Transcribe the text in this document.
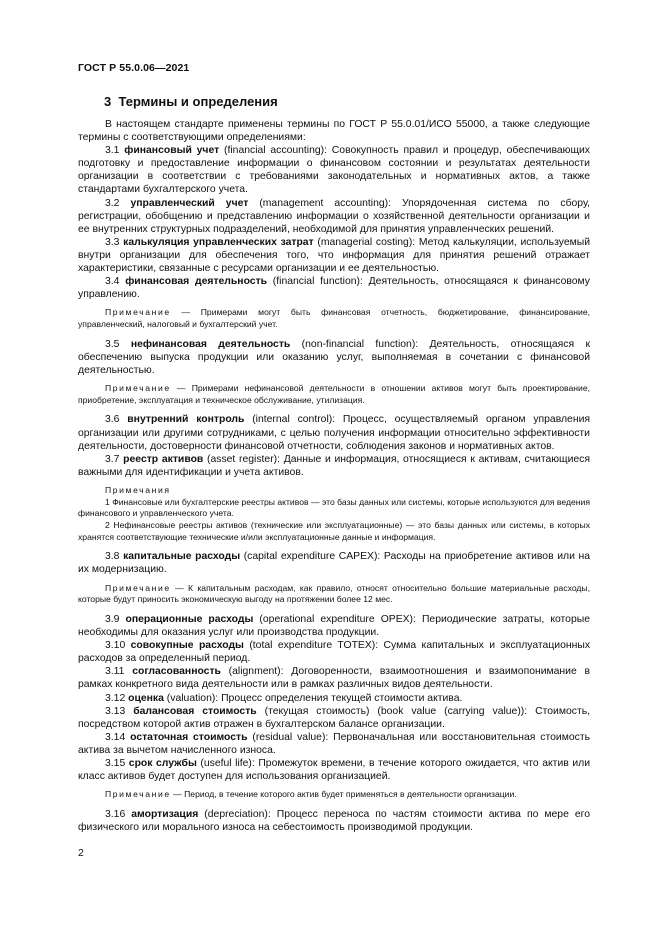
ГОСТ Р 55.0.06—2021
3 Термины и определения

В настоящем стандарте применены термины по ГОСТ Р 55.0.01/ИСО 55000, а также следующие термины с соответствующими определениями:

3.1 финансовый учет (financial accounting): Совокупность правил и процедур, обеспечивающих подготовку и предоставление информации о финансовом состоянии и результатах деятельности организации в соответствии с требованиями законодательных и нормативных актов, а также стандартами бухгалтерского учета.

3.2 управленческий учет (management accounting): Упорядоченная система по сбору, регистрации, обобщению и представлению информации о хозяйственной деятельности организации и ее внутренних структурных подразделений, необходимой для принятия управленческих решений.

3.3 калькуляция управленческих затрат (managerial costing): Метод калькуляции, используемый внутри организации для обеспечения того, что информация для принятия решений отражает характеристики, связанные с ресурсами организации и ее деятельностью.

3.4 финансовая деятельность (financial function): Деятельность, относящаяся к финансовому управлению.

Примечание — Примерами могут быть финансовая отчетность, бюджетирование, финансирование, управленческий, налоговый и бухгалтерский учет.

3.5 нефинансовая деятельность (non-financial function): Деятельность, относящаяся к обеспечению выпуска продукции или оказанию услуг, выполняемая в сочетании с финансовой деятельностью.

Примечание — Примерами нефинансовой деятельности в отношении активов могут быть проектирование, приобретение, эксплуатация и техническое обслуживание, утилизация.

3.6 внутренний контроль (internal control): Процесс, осуществляемый органом управления организации или другими сотрудниками, с целью получения информации относительно эффективности деятельности, достоверности финансовой отчетности, соблюдения законов и нормативных актов.

3.7 реестр активов (asset register): Данные и информация, относящиеся к активам, считающиеся важными для идентификации и учета активов.

Примечания
1 Финансовые или бухгалтерские реестры активов — это базы данных или системы, которые используются для ведения финансового и управленческого учета.
2 Нефинансовые реестры активов (технические или эксплуатационные) — это базы данных или системы, в которых хранятся соответствующие технические и/или эксплуатационные данные и информация.

3.8 капитальные расходы (capital expenditure CAPEX): Расходы на приобретение активов или на их модернизацию.

Примечание — К капитальным расходам, как правило, относят относительно большие материальные расходы, которые будут приносить экономическую выгоду на протяжении более 12 мес.

3.9 операционные расходы (operational expenditure OPEX): Периодические затраты, которые необходимы для оказания услуг или производства продукции.

3.10 совокупные расходы (total expenditure TOTEX): Сумма капитальных и эксплуатационных расходов за определенный период.

3.11 согласованность (alignment): Договоренности, взаимоотношения и взаимопонимание в рамках конкретного вида деятельности или в рамках различных видов деятельности.

3.12 оценка (valuation): Процесс определения текущей стоимости актива.

3.13 балансовая стоимость (текущая стоимость) (book value (carrying value)): Стоимость, посредством которой актив отражен в бухгалтерском балансе организации.

3.14 остаточная стоимость (residual value): Первоначальная или восстановительная стоимость актива за вычетом начисленного износа.

3.15 срок службы (useful life): Промежуток времени, в течение которого ожидается, что актив или класс активов будет доступен для использования организацией.

Примечание — Период, в течение которого актив будет применяться в деятельности организации.

3.16 амортизация (depreciation): Процесс переноса по частям стоимости актива по мере его физического или морального износа на себестоимость производимой продукции.

2
